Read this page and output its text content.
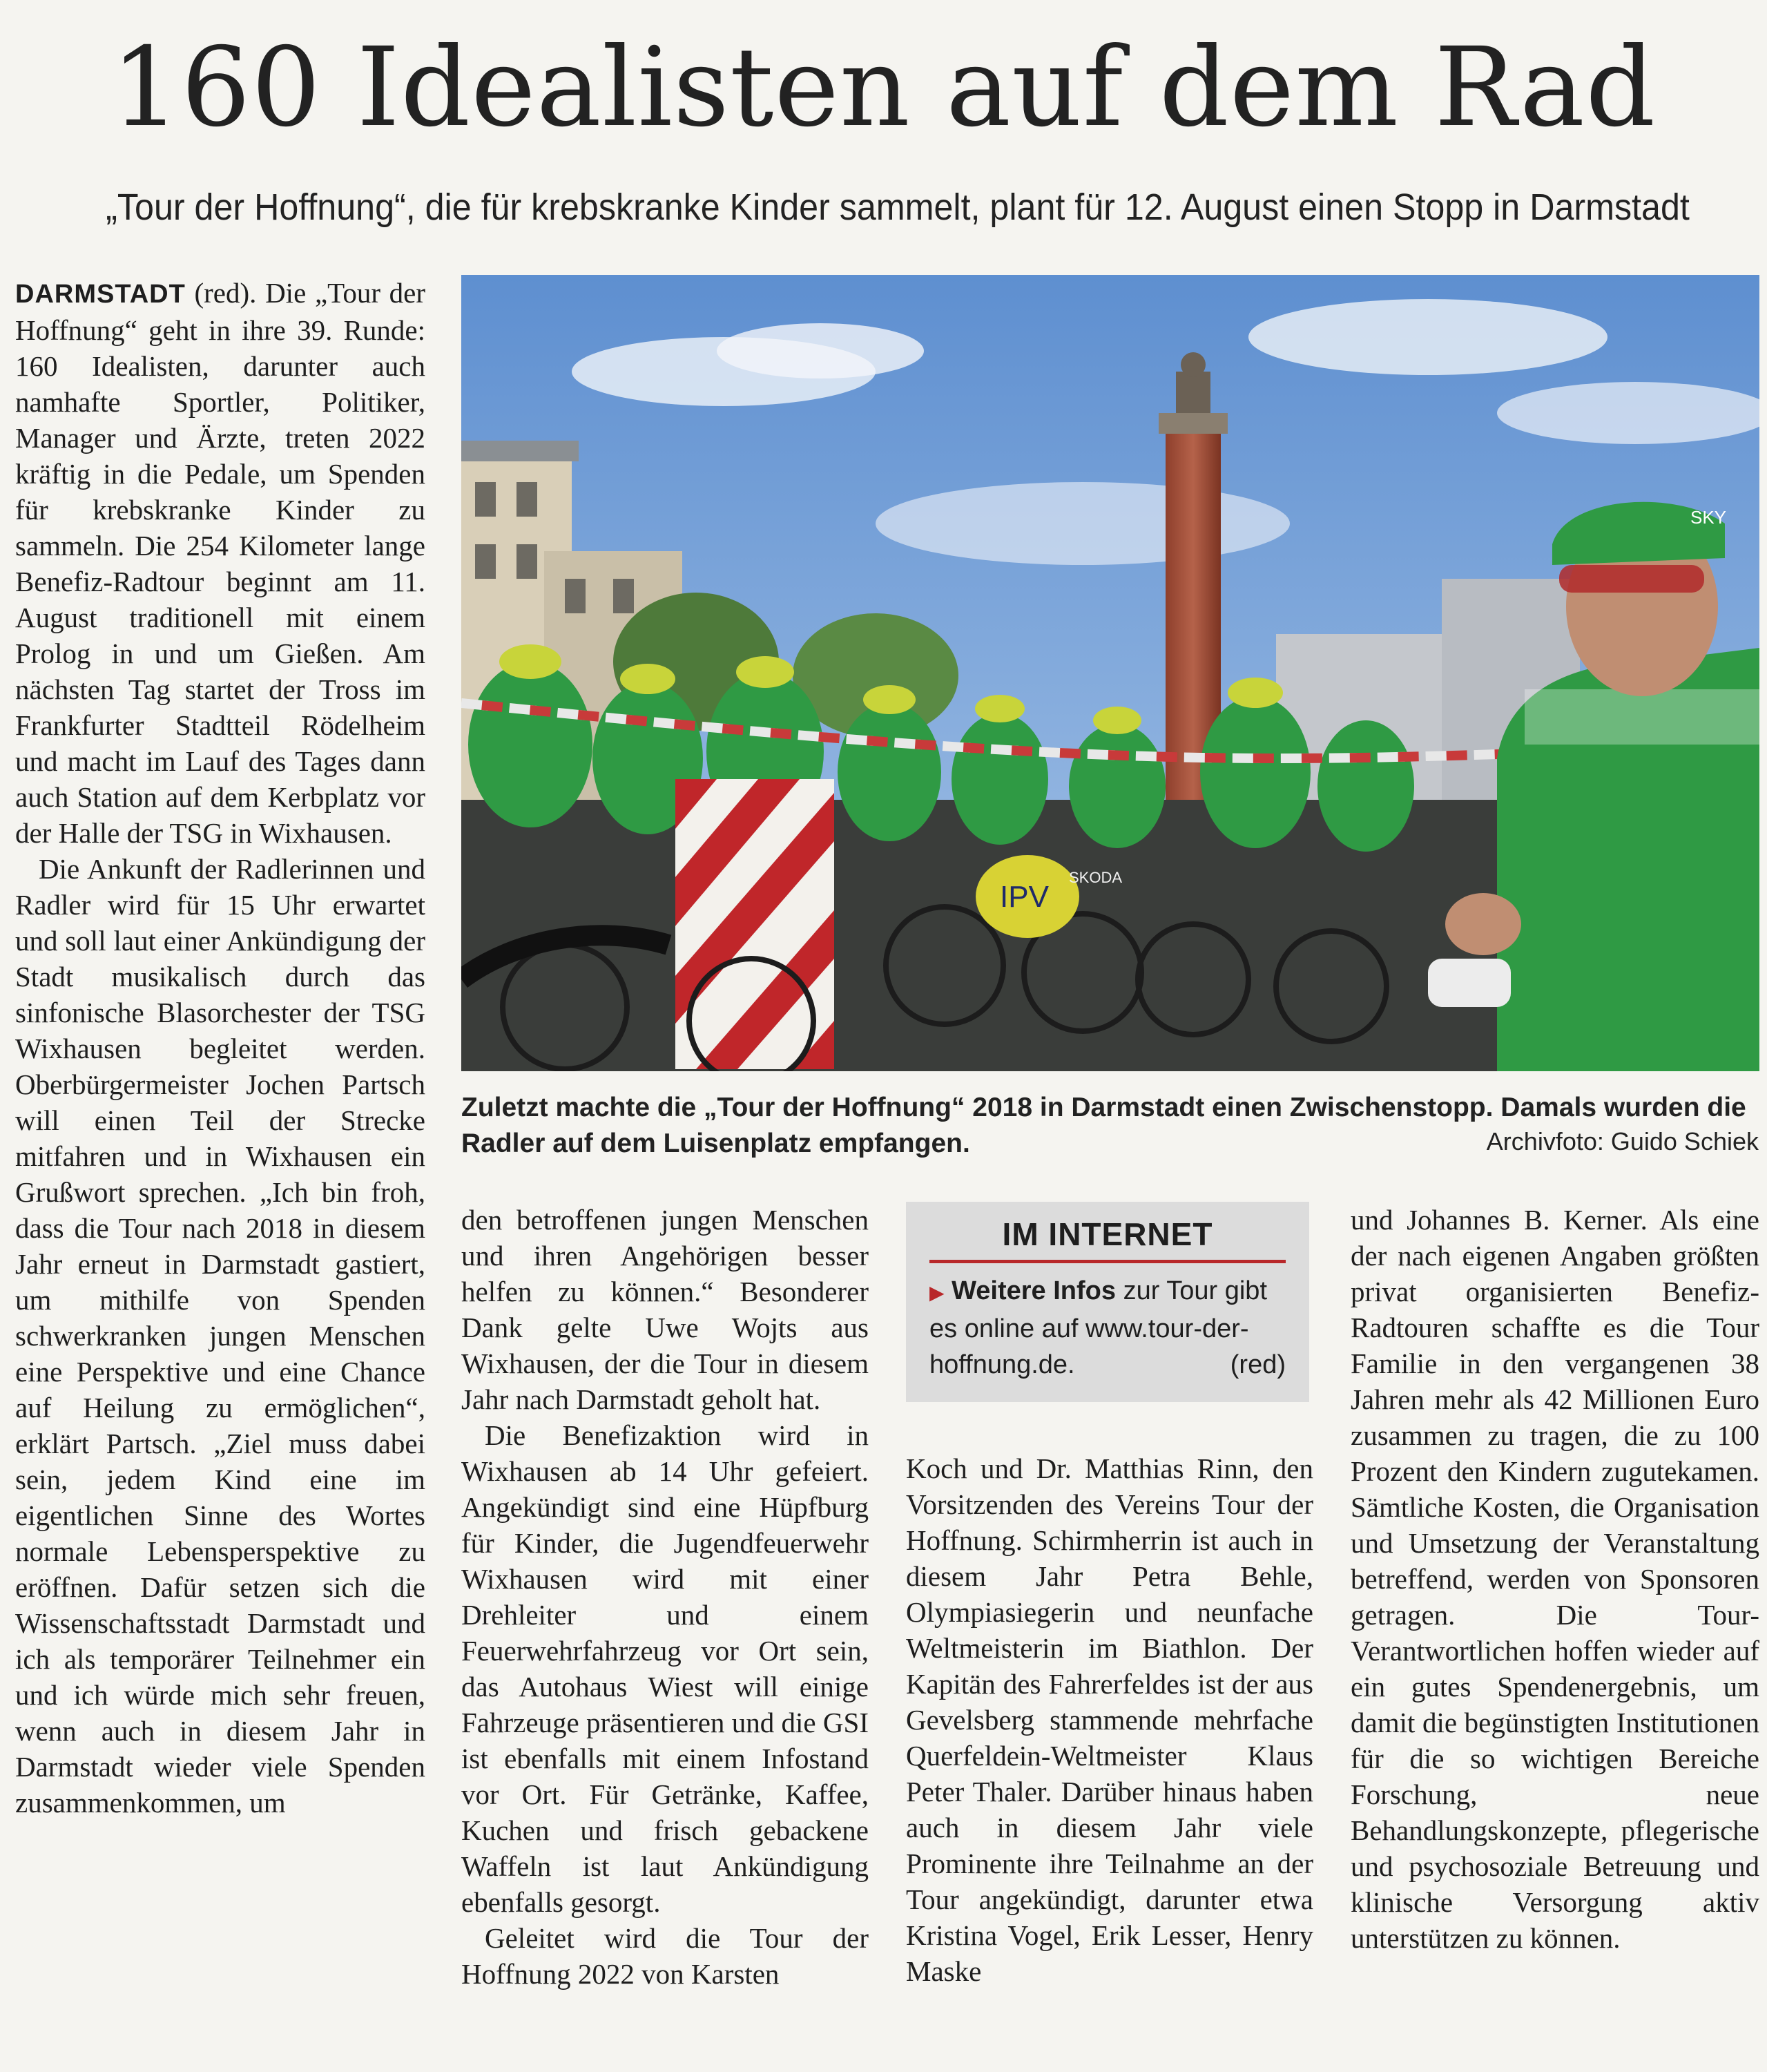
160 Idealisten auf dem Rad
„Tour der Hoffnung“, die für krebskranke Kinder sammelt, plant für 12. August einen Stopp in Darmstadt

DARMSTADT (red). Die „Tour der Hoffnung“ geht in ihre 39. Runde: 160 Idealisten, darunter auch namhafte Sportler, Politiker, Manager und Ärzte, treten 2022 kräftig in die Pedale, um Spenden für krebskranke Kinder zu sammeln. Die 254 Kilometer lange Benefiz-Radtour beginnt am 11. August traditionell mit einem Prolog in und um Gießen. Am nächsten Tag startet der Tross im Frankfurter Stadtteil Rödelheim und macht im Lauf des Tages dann auch Station auf dem Kerbplatz vor der Halle der TSG in Wixhausen.

Die Ankunft der Radlerinnen und Radler wird für 15 Uhr erwartet und soll laut einer Ankündigung der Stadt musikalisch durch das sinfonische Blasorchester der TSG Wixhausen begleitet werden. Oberbürgermeister Jochen Partsch will einen Teil der Strecke mitfahren und in Wixhausen ein Grußwort sprechen. „Ich bin froh, dass die Tour nach 2018 in diesem Jahr erneut in Darmstadt gastiert, um mithilfe von Spenden schwerkranken jungen Menschen eine Perspektive und eine Chance auf Heilung zu ermöglichen“, erklärt Partsch. „Ziel muss dabei sein, jedem Kind eine im eigentlichen Sinne des Wortes normale Lebensperspektive zu eröffnen. Dafür setzen sich die Wissenschaftsstadt Darmstadt und ich als temporärer Teilnehmer ein und ich würde mich sehr freuen, wenn auch in diesem Jahr in Darmstadt wieder viele Spenden zusammenkommen, um

IPV
SKODA
SKY
Zuletzt machte die „Tour der Hoffnung“ 2018 in Darmstadt einen Zwischenstopp. Damals wurden die Radler auf dem Luisenplatz empfangen.	Archivfoto: Guido Schiek

den betroffenen jungen Menschen und ihren Angehörigen besser helfen zu können.“ Besonderer Dank gelte Uwe Wojts aus Wixhausen, der die Tour in diesem Jahr nach Darmstadt geholt hat.

Die Benefizaktion wird in Wixhausen ab 14 Uhr gefeiert. Angekündigt sind eine Hüpfburg für Kinder, die Jugendfeuerwehr Wixhausen wird mit einer Drehleiter und einem Feuerwehrfahrzeug vor Ort sein, das Autohaus Wiest will einige Fahrzeuge präsentieren und die GSI ist ebenfalls mit einem Infostand vor Ort. Für Getränke, Kaffee, Kuchen und frisch gebackene Waffeln ist laut Ankündigung ebenfalls gesorgt.

Geleitet wird die Tour der Hoffnung 2022 von Karsten

IM INTERNET
▶ Weitere Infos zur Tour gibt es online auf www.tour-der-hoffnung.de.	(red)

Koch und Dr. Matthias Rinn, den Vorsitzenden des Vereins Tour der Hoffnung. Schirmherrin ist auch in diesem Jahr Petra Behle, Olympiasiegerin und neunfache Weltmeisterin im Biathlon. Der Kapitän des Fahrerfeldes ist der aus Gevelsberg stammende mehrfache Querfeldein-Weltmeister Klaus Peter Thaler. Darüber hinaus haben auch in diesem Jahr viele Prominente ihre Teilnahme an der Tour angekündigt, darunter etwa Kristina Vogel, Erik Lesser, Henry Maske

und Johannes B. Kerner. Als eine der nach eigenen Angaben größten privat organisierten Benefiz-Radtouren schaffte es die Tour Familie in den vergangenen 38 Jahren mehr als 42 Millionen Euro zusammen zu tragen, die zu 100 Prozent den Kindern zugutekamen. Sämtliche Kosten, die Organisation und Umsetzung der Veranstaltung betreffend, werden von Sponsoren getragen. Die Tour-Verantwortlichen hoffen wieder auf ein gutes Spendenergebnis, um damit die begünstigten Institutionen für die so wichtigen Bereiche Forschung, neue Behandlungskonzepte, pflegerische und psychosoziale Betreuung und klinische Versorgung aktiv unterstützen zu können.
